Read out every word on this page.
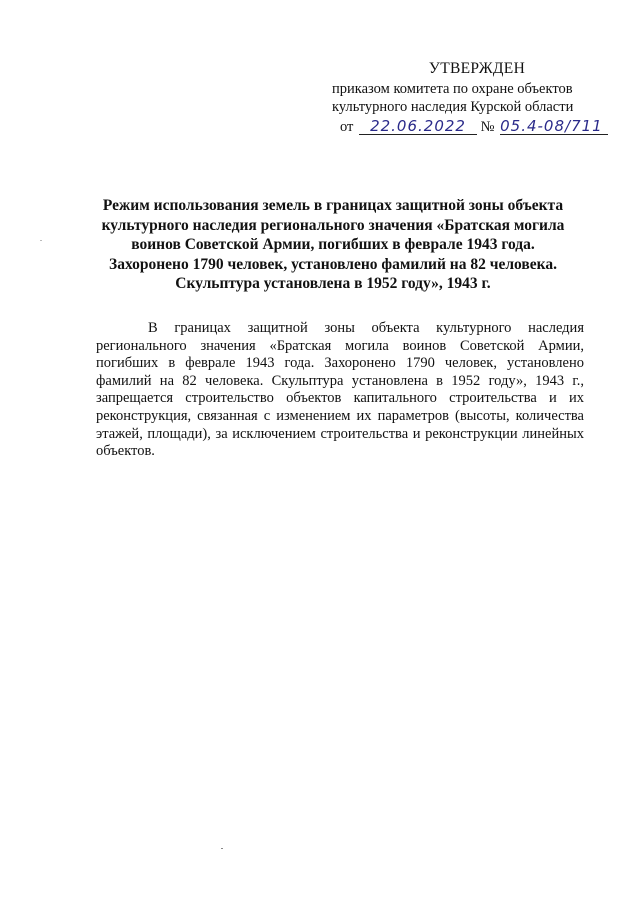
УТВЕРЖДЕН
приказом комитета по охране объектов
культурного наследия Курской области
от 22.06.2022 № 05.4-08/711
Режим использования земель в границах защитной зоны объекта культурного наследия регионального значения «Братская могила воинов Советской Армии, погибших в феврале 1943 года. Захоронено 1790 человек, установлено фамилий на 82 человека. Скульптура установлена в 1952 году», 1943 г.
В границах защитной зоны объекта культурного наследия регионального значения «Братская могила воинов Советской Армии, погибших в феврале 1943 года. Захоронено 1790 человек, установлено фамилий на 82 человека. Скульптура установлена в 1952 году», 1943 г., запрещается строительство объектов капитального строительства и их реконструкция, связанная с изменением их параметров (высоты, количества этажей, площади), за исключением строительства и реконструкции линейных объектов.
